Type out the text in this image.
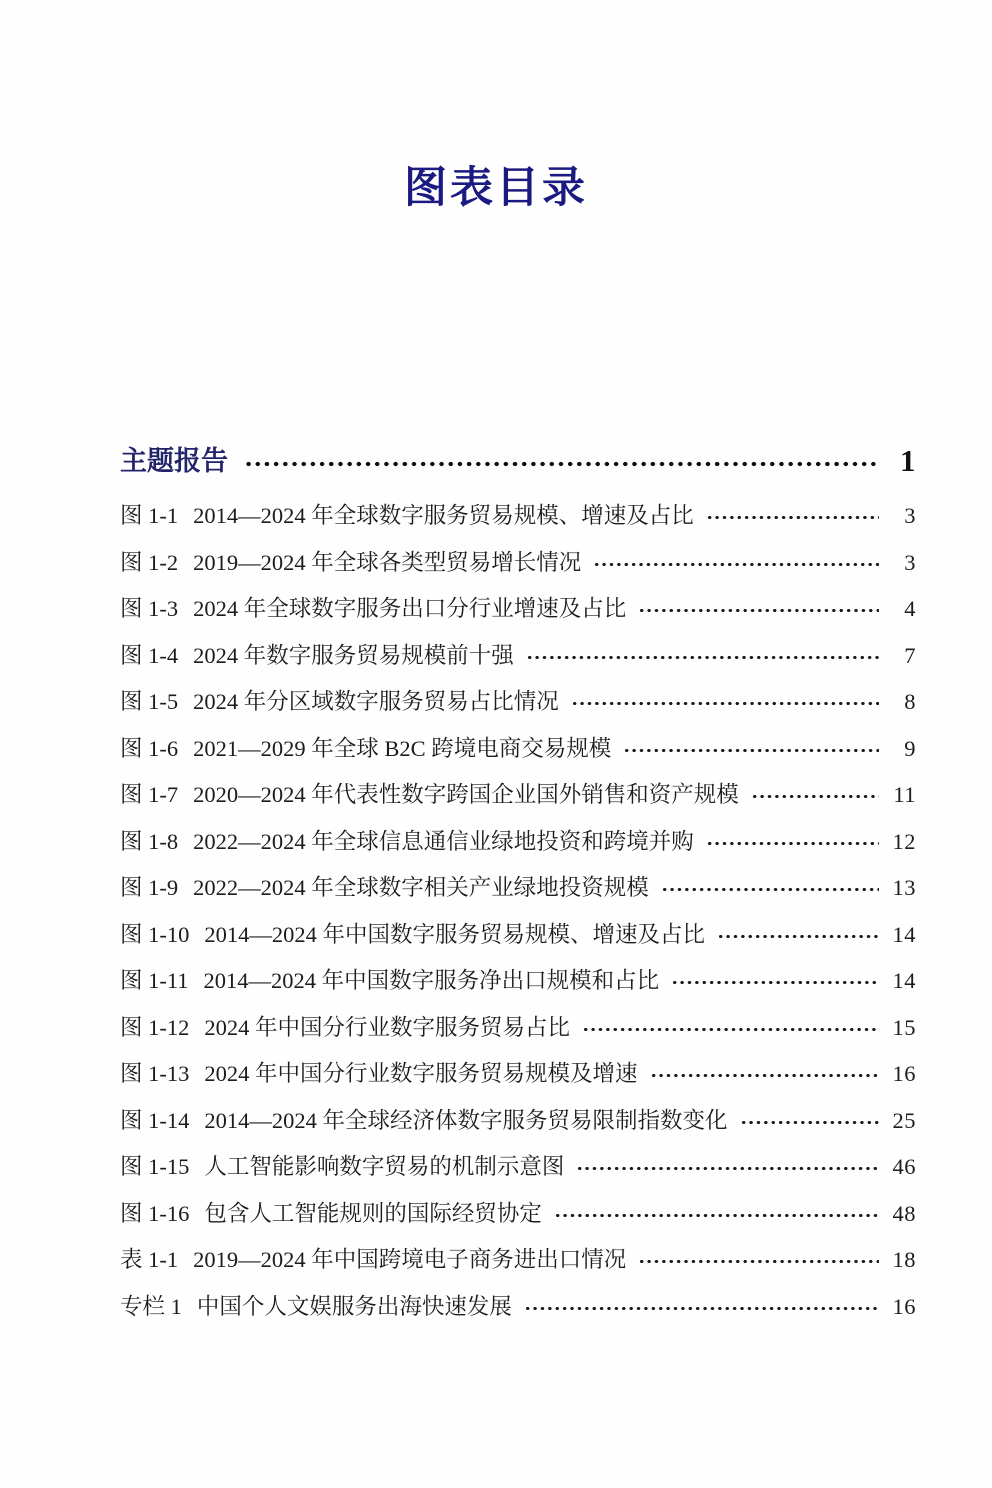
图表目录
主题报告	1
图 1-1 2014—2024 年全球数字服务贸易规模、增速及占比	3
图 1-2 2019—2024 年全球各类型贸易增长情况	3
图 1-3 2024 年全球数字服务出口分行业增速及占比	4
图 1-4 2024 年数字服务贸易规模前十强	7
图 1-5 2024 年分区域数字服务贸易占比情况	8
图 1-6 2021—2029 年全球 B2C 跨境电商交易规模	9
图 1-7 2020—2024 年代表性数字跨国企业国外销售和资产规模	11
图 1-8 2022—2024 年全球信息通信业绿地投资和跨境并购	12
图 1-9 2022—2024 年全球数字相关产业绿地投资规模	13
图 1-10 2014—2024 年中国数字服务贸易规模、增速及占比	14
图 1-11 2014—2024 年中国数字服务净出口规模和占比	14
图 1-12 2024 年中国分行业数字服务贸易占比	15
图 1-13 2024 年中国分行业数字服务贸易规模及增速	16
图 1-14 2014—2024 年全球经济体数字服务贸易限制指数变化	25
图 1-15 人工智能影响数字贸易的机制示意图	46
图 1-16 包含人工智能规则的国际经贸协定	48
表 1-1 2019—2024 年中国跨境电子商务进出口情况	18
专栏 1 中国个人文娱服务出海快速发展	16
